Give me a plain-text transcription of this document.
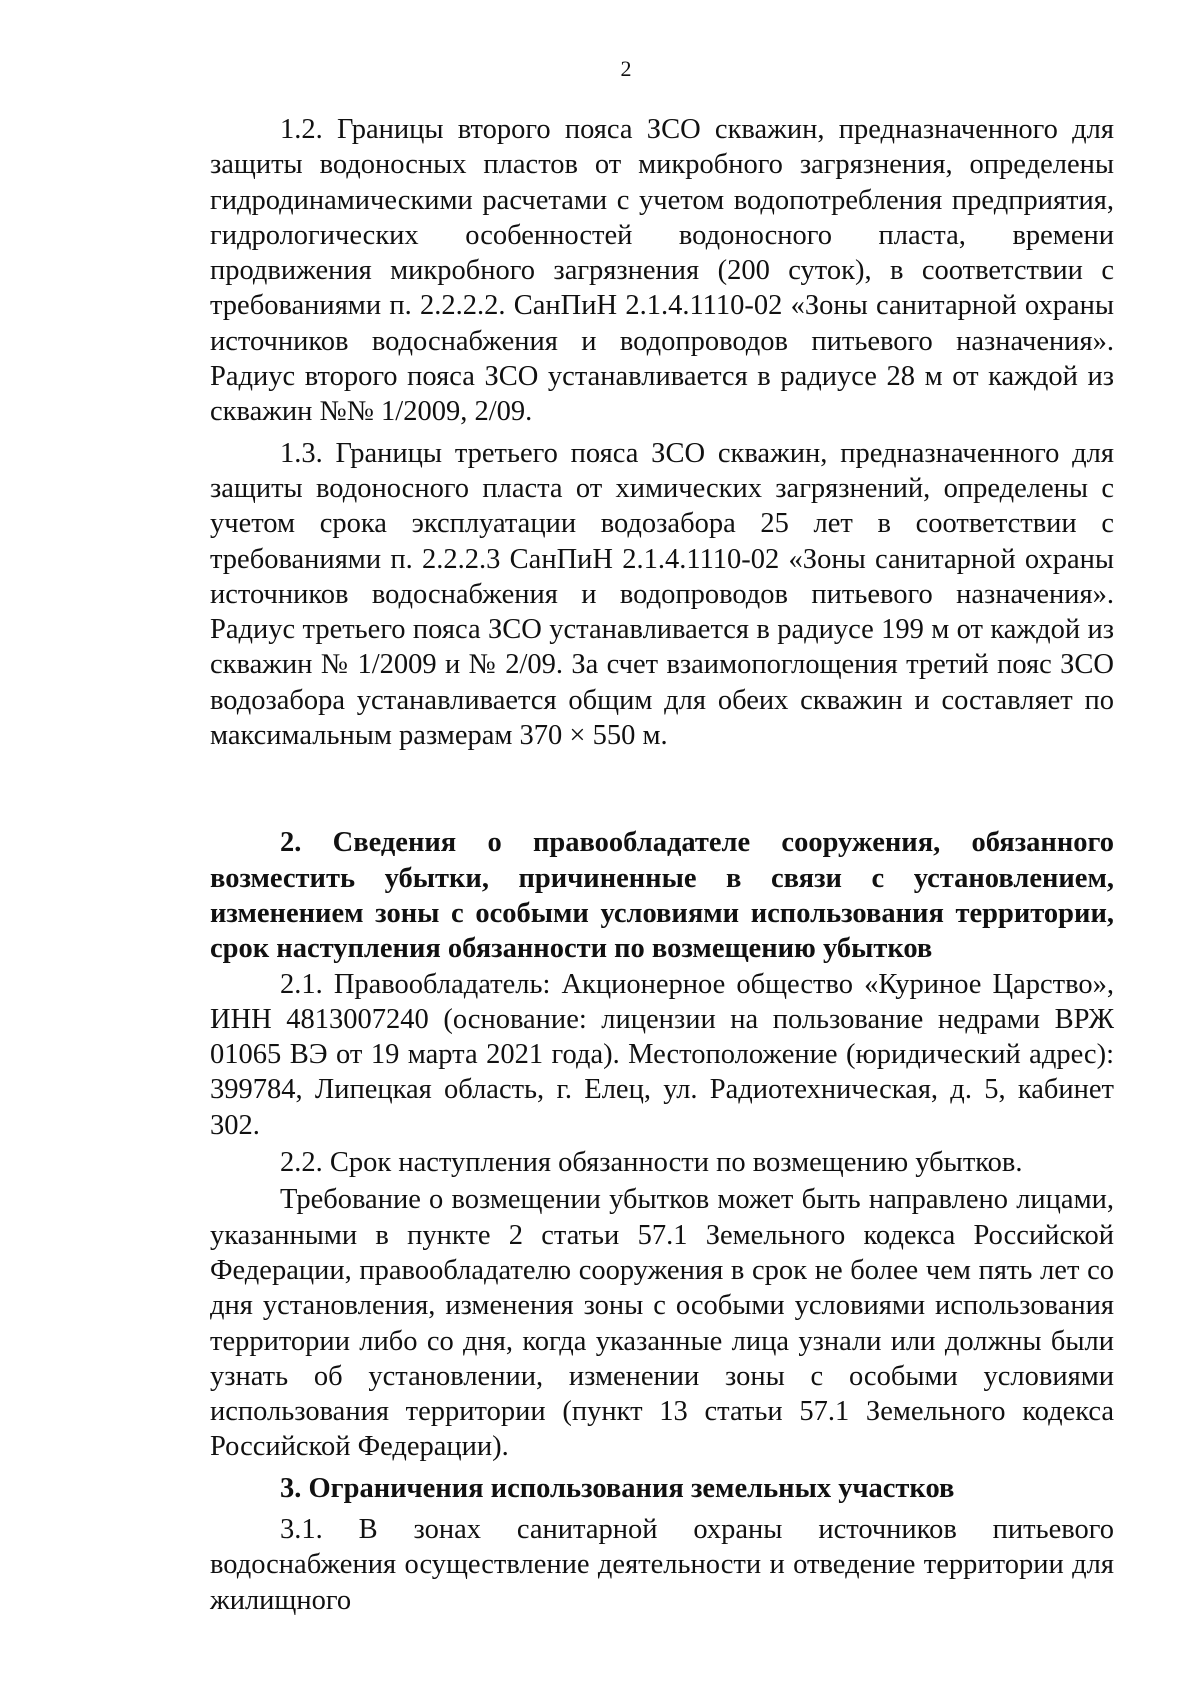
2

1.2. Границы второго пояса ЗСО скважин, предназначенного для защиты водоносных пластов от микробного загрязнения, определены гидродинамическими расчетами с учетом водопотребления предприятия, гидрологических особенностей водоносного пласта, времени продвижения микробного загрязнения (200 суток), в соответствии с требованиями п. 2.2.2.2. СанПиН 2.1.4.1110-02 «Зоны санитарной охраны источников водоснабжения и водопроводов питьевого назначения». Радиус второго пояса ЗСО устанавливается в радиусе 28 м от каждой из скважин №№ 1/2009, 2/09.

1.3. Границы третьего пояса ЗСО скважин, предназначенного для защиты водоносного пласта от химических загрязнений, определены с учетом срока эксплуатации водозабора 25 лет в соответствии с требованиями п. 2.2.2.3 СанПиН 2.1.4.1110-02 «Зоны санитарной охраны источников водоснабжения и водопроводов питьевого назначения». Радиус третьего пояса ЗСО устанавливается в радиусе 199 м от каждой из скважин № 1/2009 и № 2/09. За счет взаимопоглощения третий пояс ЗСО водозабора устанавливается общим для обеих скважин и составляет по максимальным размерам 370 × 550 м.

2. Сведения о правообладателе сооружения, обязанного возместить убытки, причиненные в связи с установлением, изменением зоны с особыми условиями использования территории, срок наступления обязанности по возмещению убытков

2.1. Правообладатель: Акционерное общество «Куриное Царство», ИНН 4813007240 (основание: лицензии на пользование недрами ВРЖ 01065 ВЭ от 19 марта 2021 года). Местоположение (юридический адрес): 399784, Липецкая область, г. Елец, ул. Радиотехническая, д. 5, кабинет 302.

2.2. Срок наступления обязанности по возмещению убытков.

Требование о возмещении убытков может быть направлено лицами, указанными в пункте 2 статьи 57.1 Земельного кодекса Российской Федерации, правообладателю сооружения в срок не более чем пять лет со дня установления, изменения зоны с особыми условиями использования территории либо со дня, когда указанные лица узнали или должны были узнать об установлении, изменении зоны с особыми условиями использования территории (пункт 13 статьи 57.1 Земельного кодекса Российской Федерации).

3. Ограничения использования земельных участков

3.1. В зонах санитарной охраны источников питьевого водоснабжения осуществление деятельности и отведение территории для жилищного
